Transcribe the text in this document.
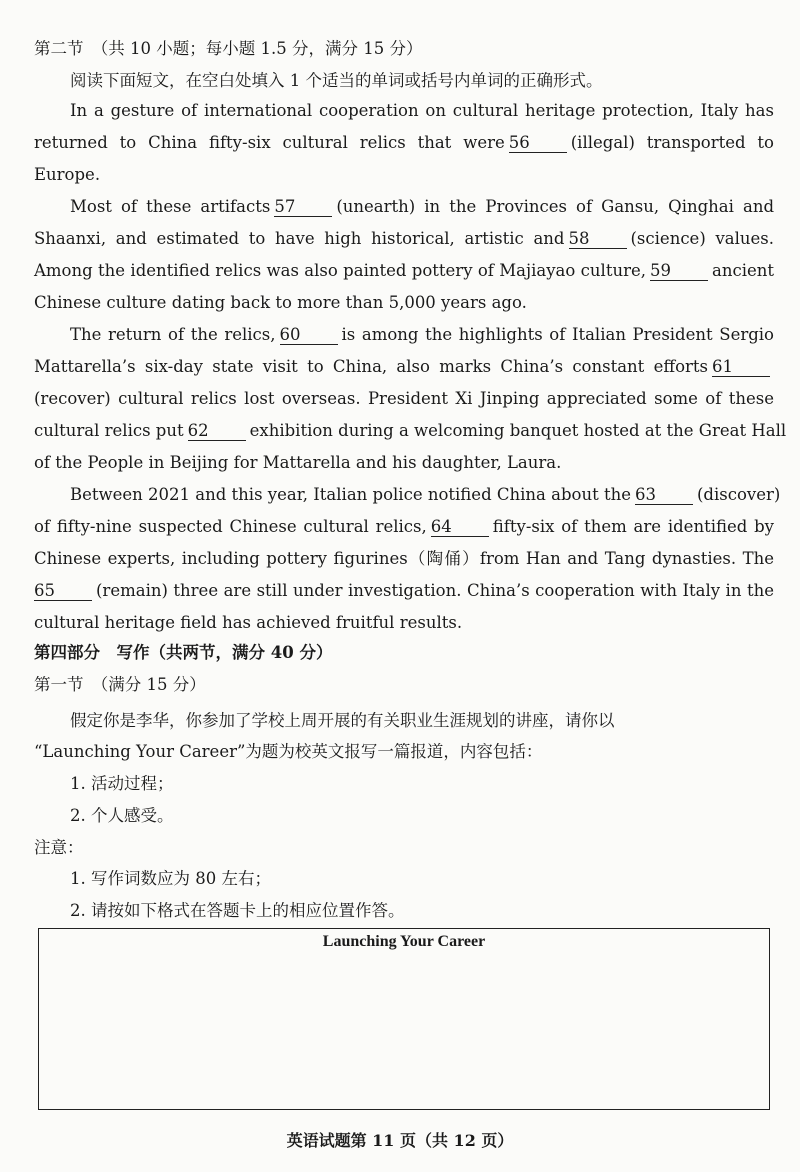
第二节　（共 10 小题；每小题 1.5 分，满分 15 分）
阅读下面短文，在空白处填入 1 个适当的单词或括号内单词的正确形式。
In a gesture of international cooperation on cultural heritage protection, Italy has
returned to China fifty-six cultural relics that were 56 (illegal) transported to
Europe.
Most of these artifacts 57 (unearth) in the Provinces of Gansu, Qinghai and
Shaanxi, and estimated to have high historical, artistic and 58 (science) values.
Among the identified relics was also painted pottery of Majiayao culture, 59 ancient
Chinese culture dating back to more than 5,000 years ago.
The return of the relics, 60 is among the highlights of Italian President Sergio
Mattarella’s six-day state visit to China, also marks China’s constant efforts 61
(recover) cultural relics lost overseas. President Xi Jinping appreciated some of these
cultural relics put 62 exhibition during a welcoming banquet hosted at the Great Hall
of the People in Beijing for Mattarella and his daughter, Laura.
Between 2021 and this year, Italian police notified China about the 63 (discover)
of fifty-nine suspected Chinese cultural relics, 64 fifty-six of them are identified by
Chinese experts, including pottery figurines（陶俑）from Han and Tang dynasties. The
65 (remain) three are still under investigation. China’s cooperation with Italy in the
cultural heritage field has achieved fruitful results.
第四部分　写作（共两节，满分 40 分）
第一节　（满分 15 分）
假定你是李华，你参加了学校上周开展的有关职业生涯规划的讲座，请你以
“Launching Your Career”为题为校英文报写一篇报道，内容包括：
1. 活动过程；
2. 个人感受。
注意：
1. 写作词数应为 80 左右；
2. 请按如下格式在答题卡上的相应位置作答。
Launching Your Career
英语试题第 11 页（共 12 页）
